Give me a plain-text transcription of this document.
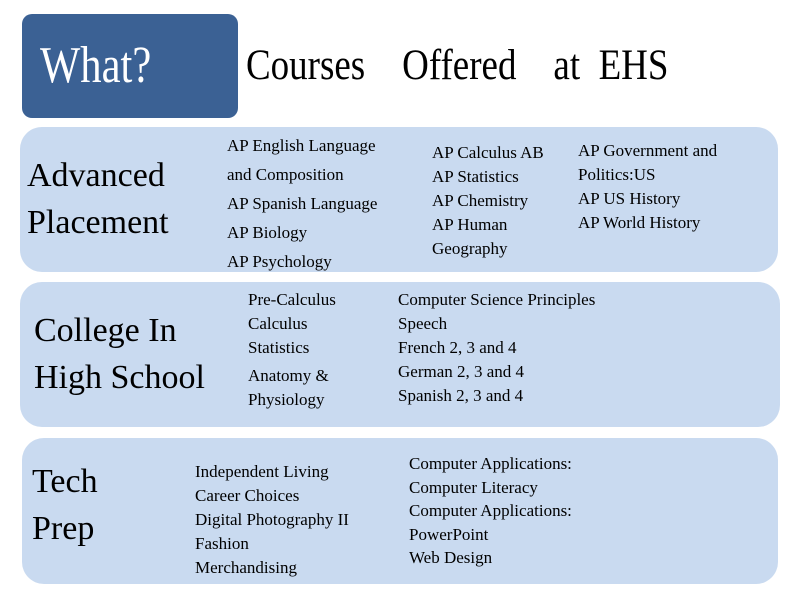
What? Courses    Offered    at  EHS
Advanced
Placement
AP English Language
and Composition
AP Spanish Language
AP Biology
AP Psychology
AP Calculus AB
AP Statistics
AP Chemistry
AP Human
Geography
AP Government and
Politics:US
AP US History
AP World History
College In
High School
Pre-Calculus
Calculus
Statistics
Anatomy &
Physiology
Computer Science Principles
Speech
French 2, 3 and 4
German 2, 3 and 4
Spanish 2, 3 and 4
Tech
Prep
Independent Living
Career Choices
Digital Photography II
Fashion
Merchandising
Computer Applications:
Computer Literacy
Computer Applications:
PowerPoint
Web Design
